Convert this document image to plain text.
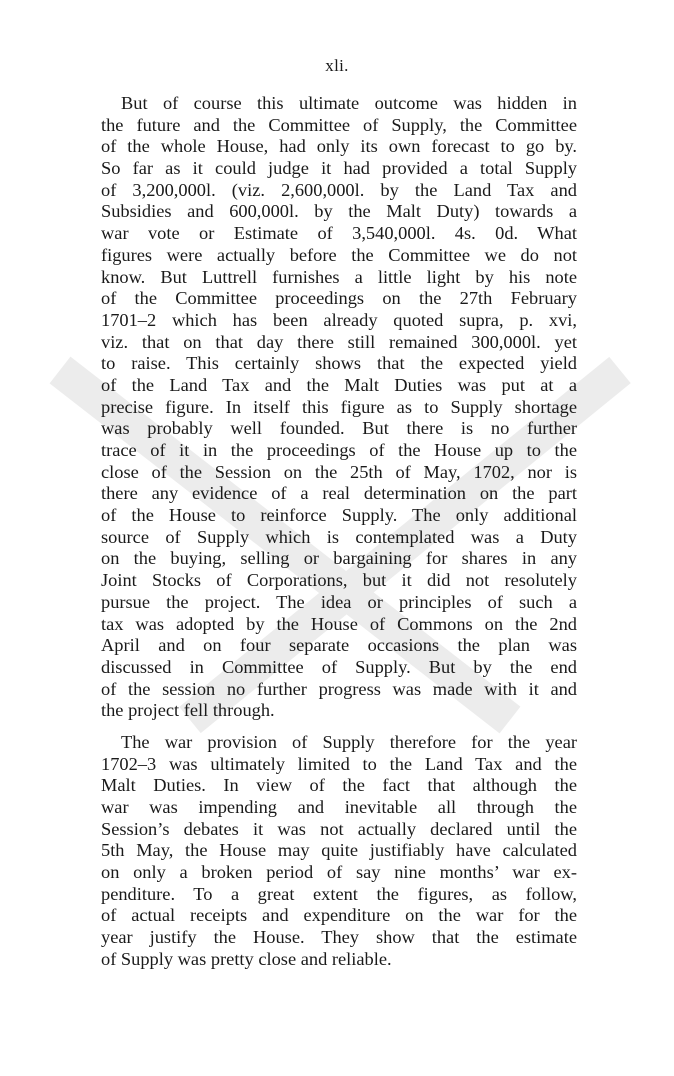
xli.
But of course this ultimate outcome was hidden in
the future and the Committee of Supply, the Committee
of the whole House, had only its own forecast to go by.
So far as it could judge it had provided a total Supply
of 3,200,000l. (viz. 2,600,000l. by the Land Tax and
Subsidies and 600,000l. by the Malt Duty) towards a
war vote or Estimate of 3,540,000l. 4s. 0d. What
figures were actually before the Committee we do not
know. But Luttrell furnishes a little light by his note
of the Committee proceedings on the 27th February
1701–2 which has been already quoted supra, p. xvi,
viz. that on that day there still remained 300,000l. yet
to raise. This certainly shows that the expected yield
of the Land Tax and the Malt Duties was put at a
precise figure. In itself this figure as to Supply shortage
was probably well founded. But there is no further
trace of it in the proceedings of the House up to the
close of the Session on the 25th of May, 1702, nor is
there any evidence of a real determination on the part
of the House to reinforce Supply. The only additional
source of Supply which is contemplated was a Duty
on the buying, selling or bargaining for shares in any
Joint Stocks of Corporations, but it did not resolutely
pursue the project. The idea or principles of such a
tax was adopted by the House of Commons on the 2nd
April and on four separate occasions the plan was
discussed in Committee of Supply. But by the end
of the session no further progress was made with it and
the project fell through.
The war provision of Supply therefore for the year
1702–3 was ultimately limited to the Land Tax and the
Malt Duties. In view of the fact that although the
war was impending and inevitable all through the
Session’s debates it was not actually declared until the
5th May, the House may quite justifiably have calculated
on only a broken period of say nine months’ war ex-
penditure. To a great extent the figures, as follow,
of actual receipts and expenditure on the war for the
year justify the House. They show that the estimate
of Supply was pretty close and reliable.
